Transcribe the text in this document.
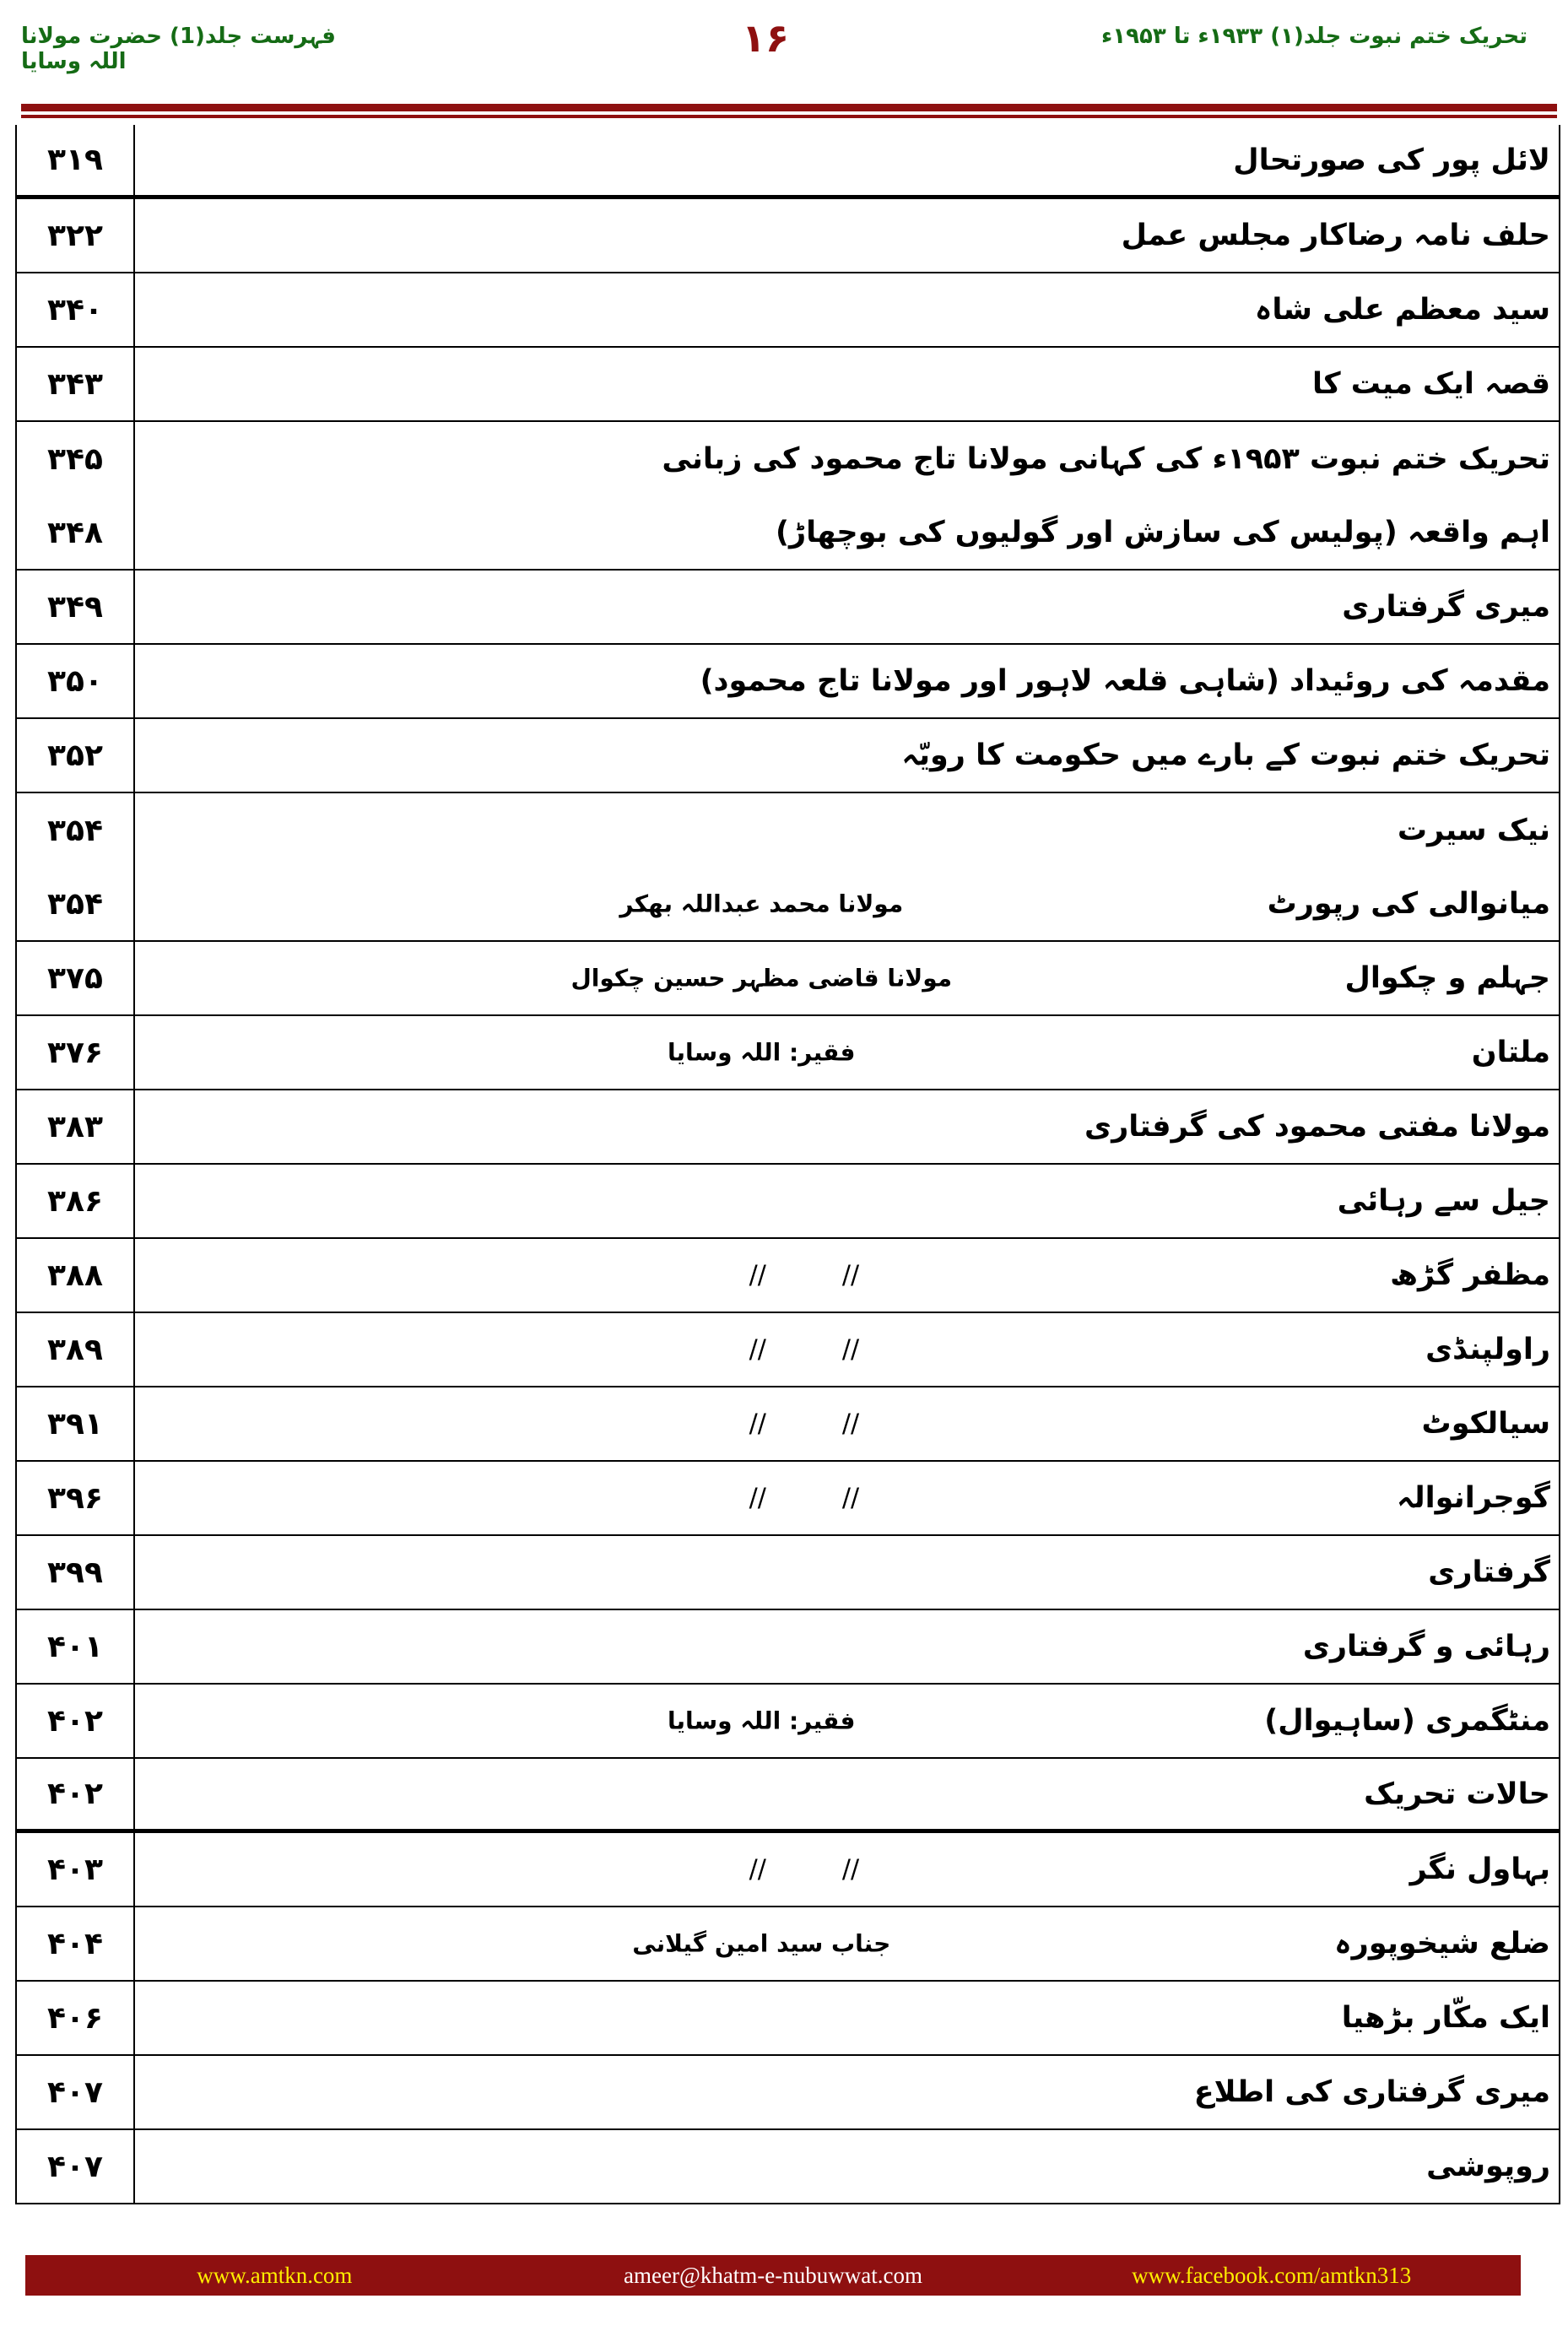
فہرست جلد(1) حضرت مولانا اللہ وسایا
۱۶	تحریک ختم نبوت جلد(۱) ۱۹۳۳ء تا ۱۹۵۳ء
۳۱۹	لائل پور کی صورتحال
۳۲۲	حلف نامہ رضاکار مجلس عمل
۳۴۰	سید معظم علی شاہ
۳۴۳	قصہ ایک میت کا
۳۴۵	تحریک ختم نبوت ۱۹۵۳ء کی کہانی مولانا تاج محمود کی زبانی
۳۴۸	اہم واقعہ (پولیس کی سازش اور گولیوں کی بوچھاڑ)
۳۴۹	میری گرفتاری
۳۵۰	مقدمہ کی روئیداد (شاہی قلعہ لاہور اور مولانا تاج محمود)
۳۵۲	تحریک ختم نبوت کے بارے میں حکومت کا رویّہ
۳۵۴	نیک سیرت
۳۵۴	مولانا محمد عبداللہ بھکر	میانوالی کی رپورٹ
۳۷۵	مولانا قاضی مظہر حسین چکوال	جہلم و چکوال
۳۷۶	فقیر: اللہ وسایا	ملتان
۳۸۳	مولانا مفتی محمود کی گرفتاری
۳۸۶	جیل سے رہائی
۳۸۸	//   //	مظفر گڑھ
۳۸۹	//   //	راولپنڈی
۳۹۱	//   //	سیالکوٹ
۳۹۶	//   //	گوجرانوالہ
۳۹۹	گرفتاری
۴۰۱	رہائی و گرفتاری
۴۰۲	فقیر: اللہ وسایا	منٹگمری (ساہیوال)
۴۰۲	حالات تحریک
۴۰۳	//   //	بہاول نگر
۴۰۴	جناب سید امین گیلانی	ضلع شیخوپورہ
۴۰۶	ایک مکّار بڑھیا
۴۰۷	میری گرفتاری کی اطلاع
۴۰۷	روپوشی
www.amtkn.com	ameer@khatm-e-nubuwwat.com	www.facebook.com/amtkn313
